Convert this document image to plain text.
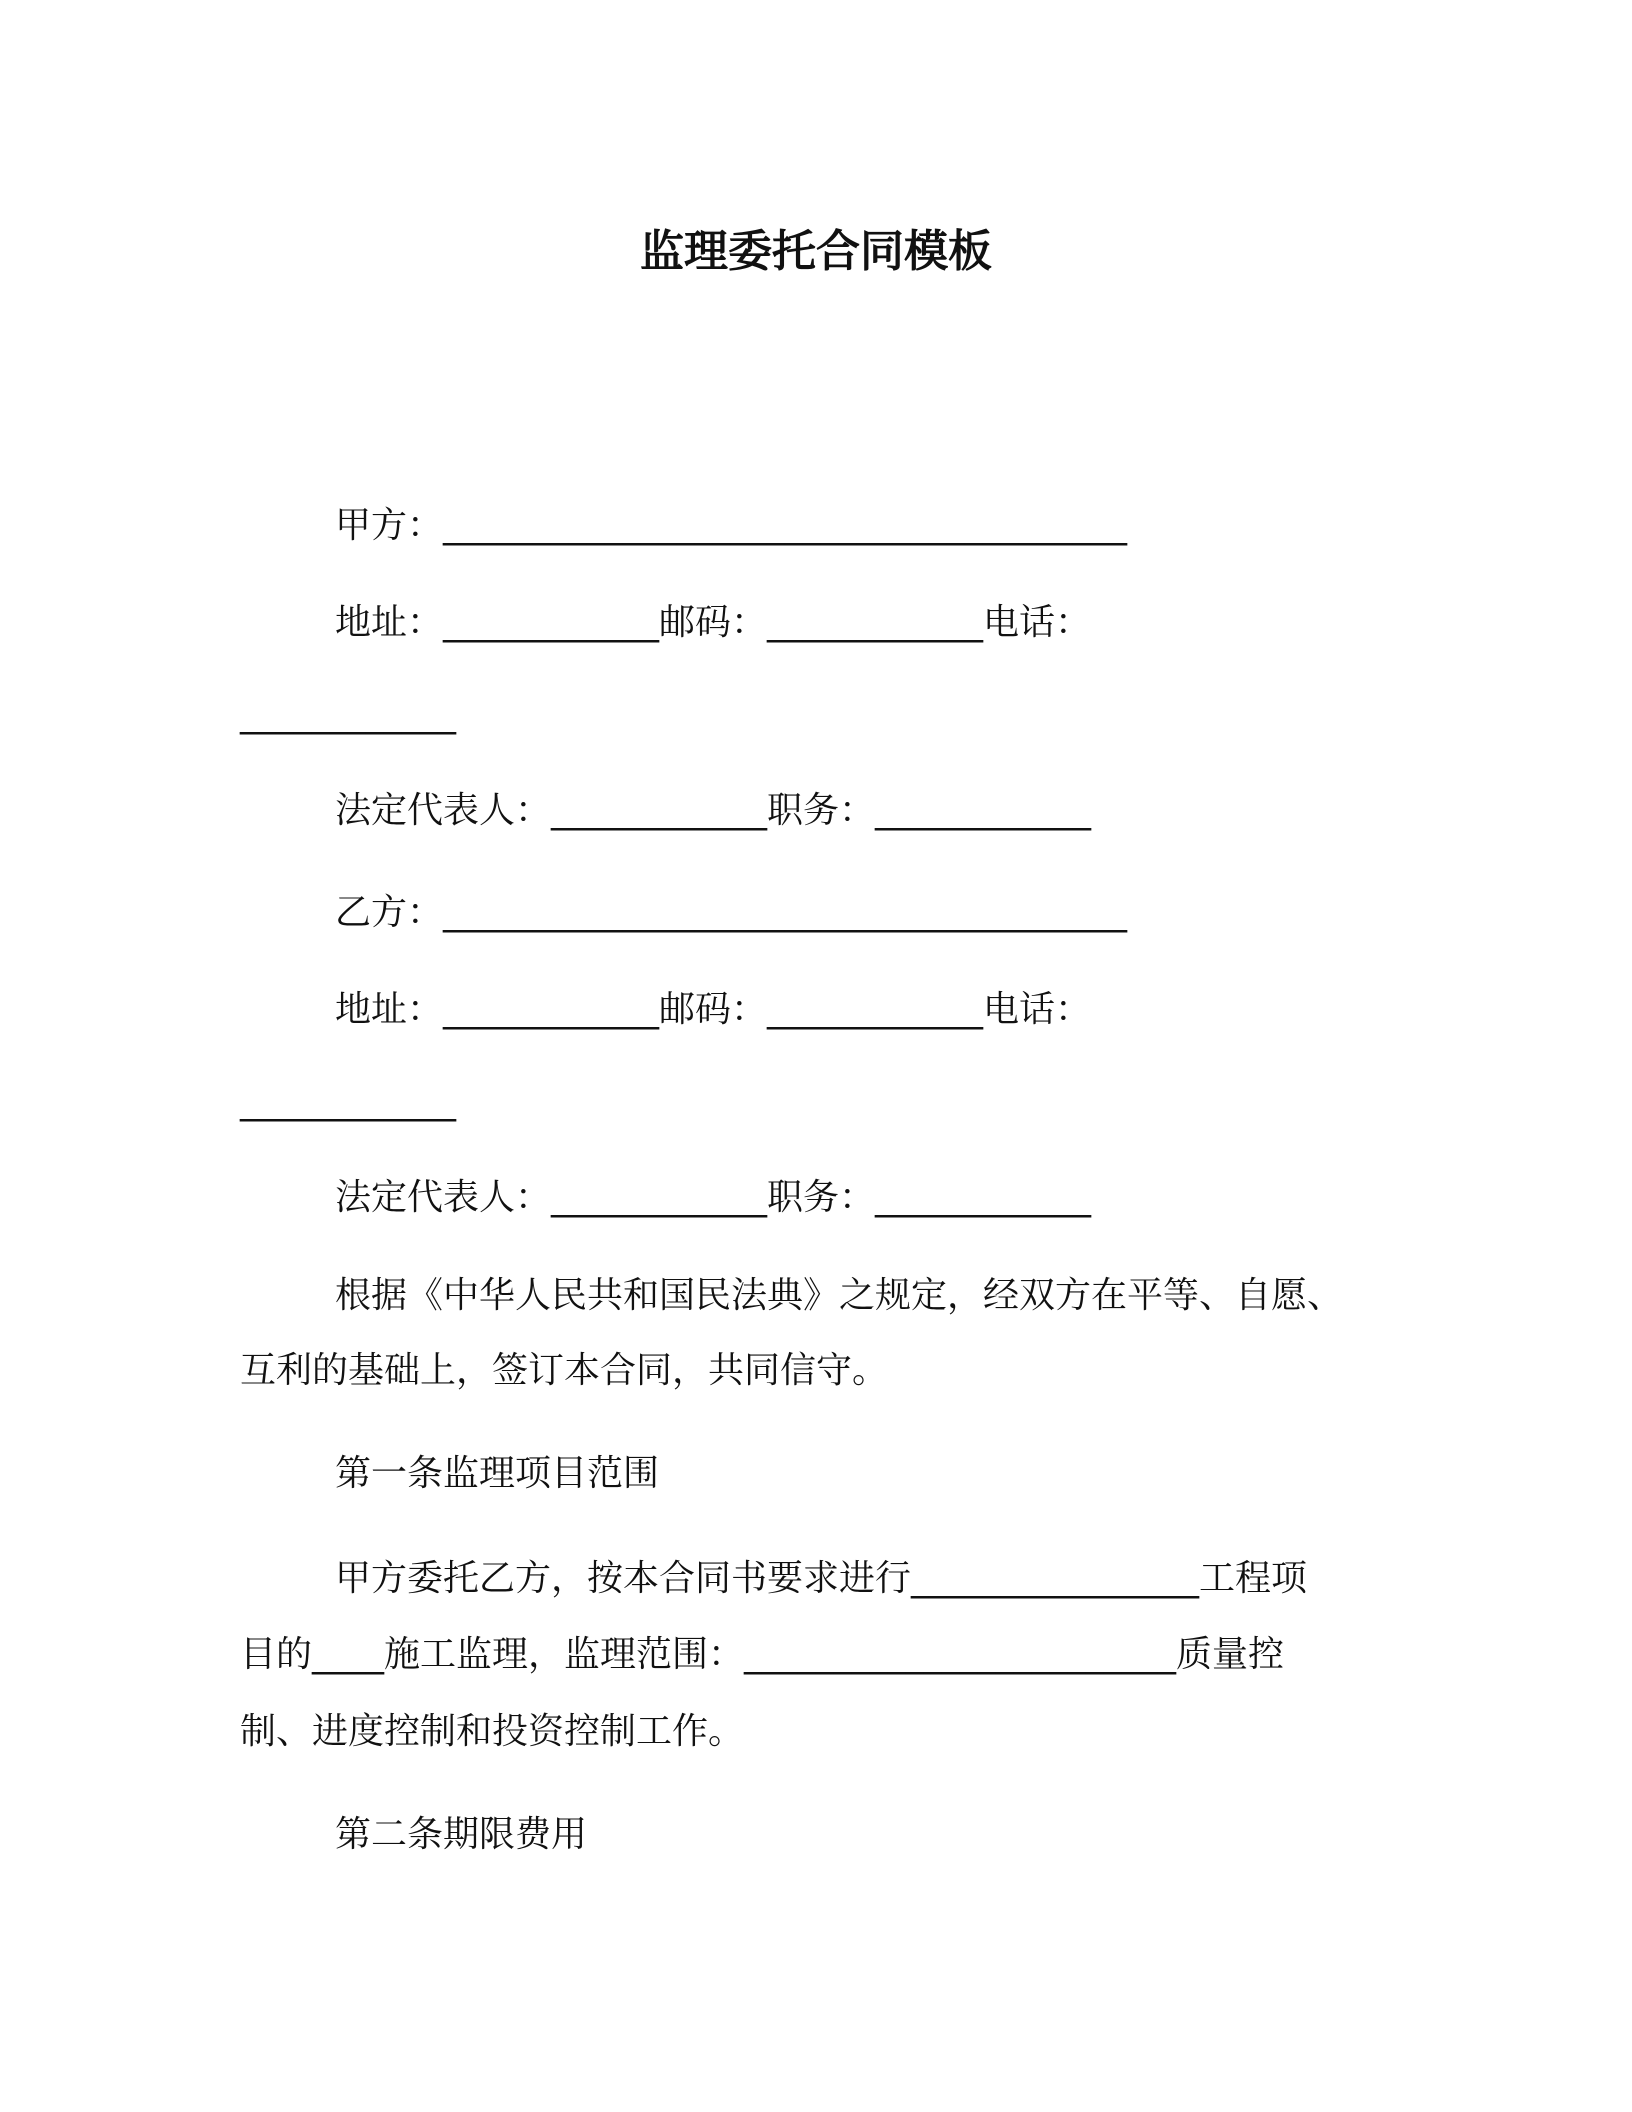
监理委托合同模板
甲方：______________________________________
地址：____________邮码：____________电话：
____________
法定代表人：____________职务：____________
乙方：______________________________________
地址：____________邮码：____________电话：
____________
法定代表人：____________职务：____________
根据《中华人民共和国民法典》之规定，经双方在平等、自愿、
互利的基础上，签订本合同，共同信守。
第一条监理项目范围
甲方委托乙方，按本合同书要求进行________________工程项
目的____施工监理，监理范围：________________________质量控
制、进度控制和投资控制工作。
第二条期限费用
